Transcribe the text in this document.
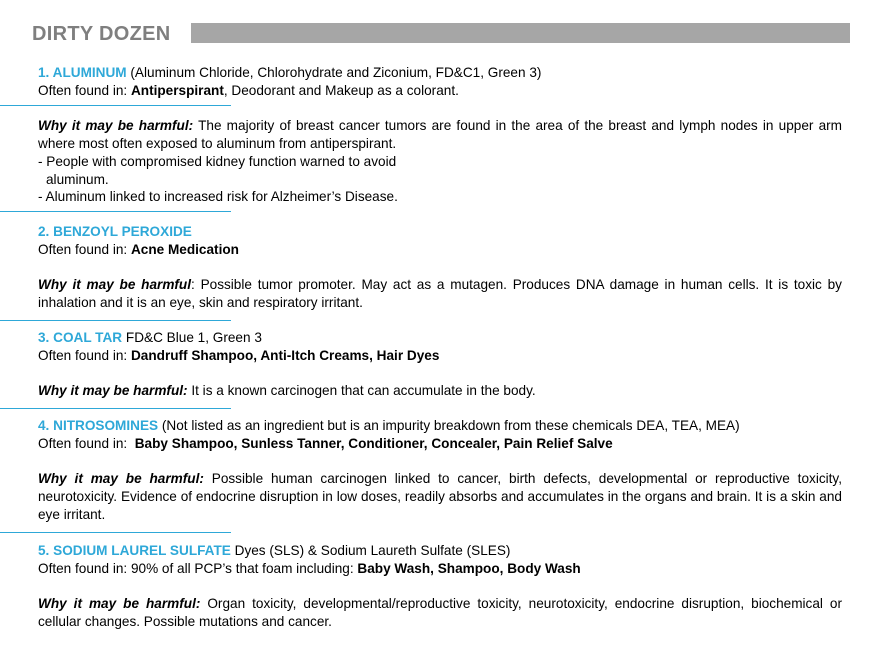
DIRTY DOZEN

1. ALUMINUM (Aluminum Chloride, Chlorohydrate and Ziconium, FD&C1, Green 3)

Often found in: Antiperspirant, Deodorant and Makeup as a colorant.

Why it may be harmful: The majority of breast cancer tumors are found in the area of the breast and lymph nodes in upper arm where most often exposed to aluminum from antiperspirant.

- People with compromised kidney function warned to avoid

aluminum.

- Aluminum linked to increased risk for Alzheimer’s Disease.

2. BENZOYL PEROXIDE

Often found in: Acne Medication

Why it may be harmful: Possible tumor promoter. May act as a mutagen. Produces DNA damage in human cells. It is toxic by inhalation and it is an eye, skin and respiratory irritant.

3. COAL TAR FD&C Blue 1, Green 3

Often found in: Dandruff Shampoo, Anti-Itch Creams, Hair Dyes

Why it may be harmful: It is a known carcinogen that can accumulate in the body.

4. NITROSOMINES (Not listed as an ingredient but is an impurity breakdown from these chemicals DEA, TEA, MEA)

Often found in:  Baby Shampoo, Sunless Tanner, Conditioner, Concealer, Pain Relief Salve

Why it may be harmful: Possible human carcinogen linked to cancer, birth defects, developmental or reproductive toxicity, neurotoxicity. Evidence of endocrine disruption in low doses, readily absorbs and accumulates in the organs and brain. It is a skin and eye irritant.

5. SODIUM LAUREL SULFATE Dyes (SLS) & Sodium Laureth Sulfate (SLES)

Often found in: 90% of all PCP’s that foam including: Baby Wash, Shampoo, Body Wash

Why it may be harmful: Organ toxicity, developmental/reproductive toxicity, neurotoxicity, endocrine disruption, biochemical or cellular changes. Possible mutations and cancer.
